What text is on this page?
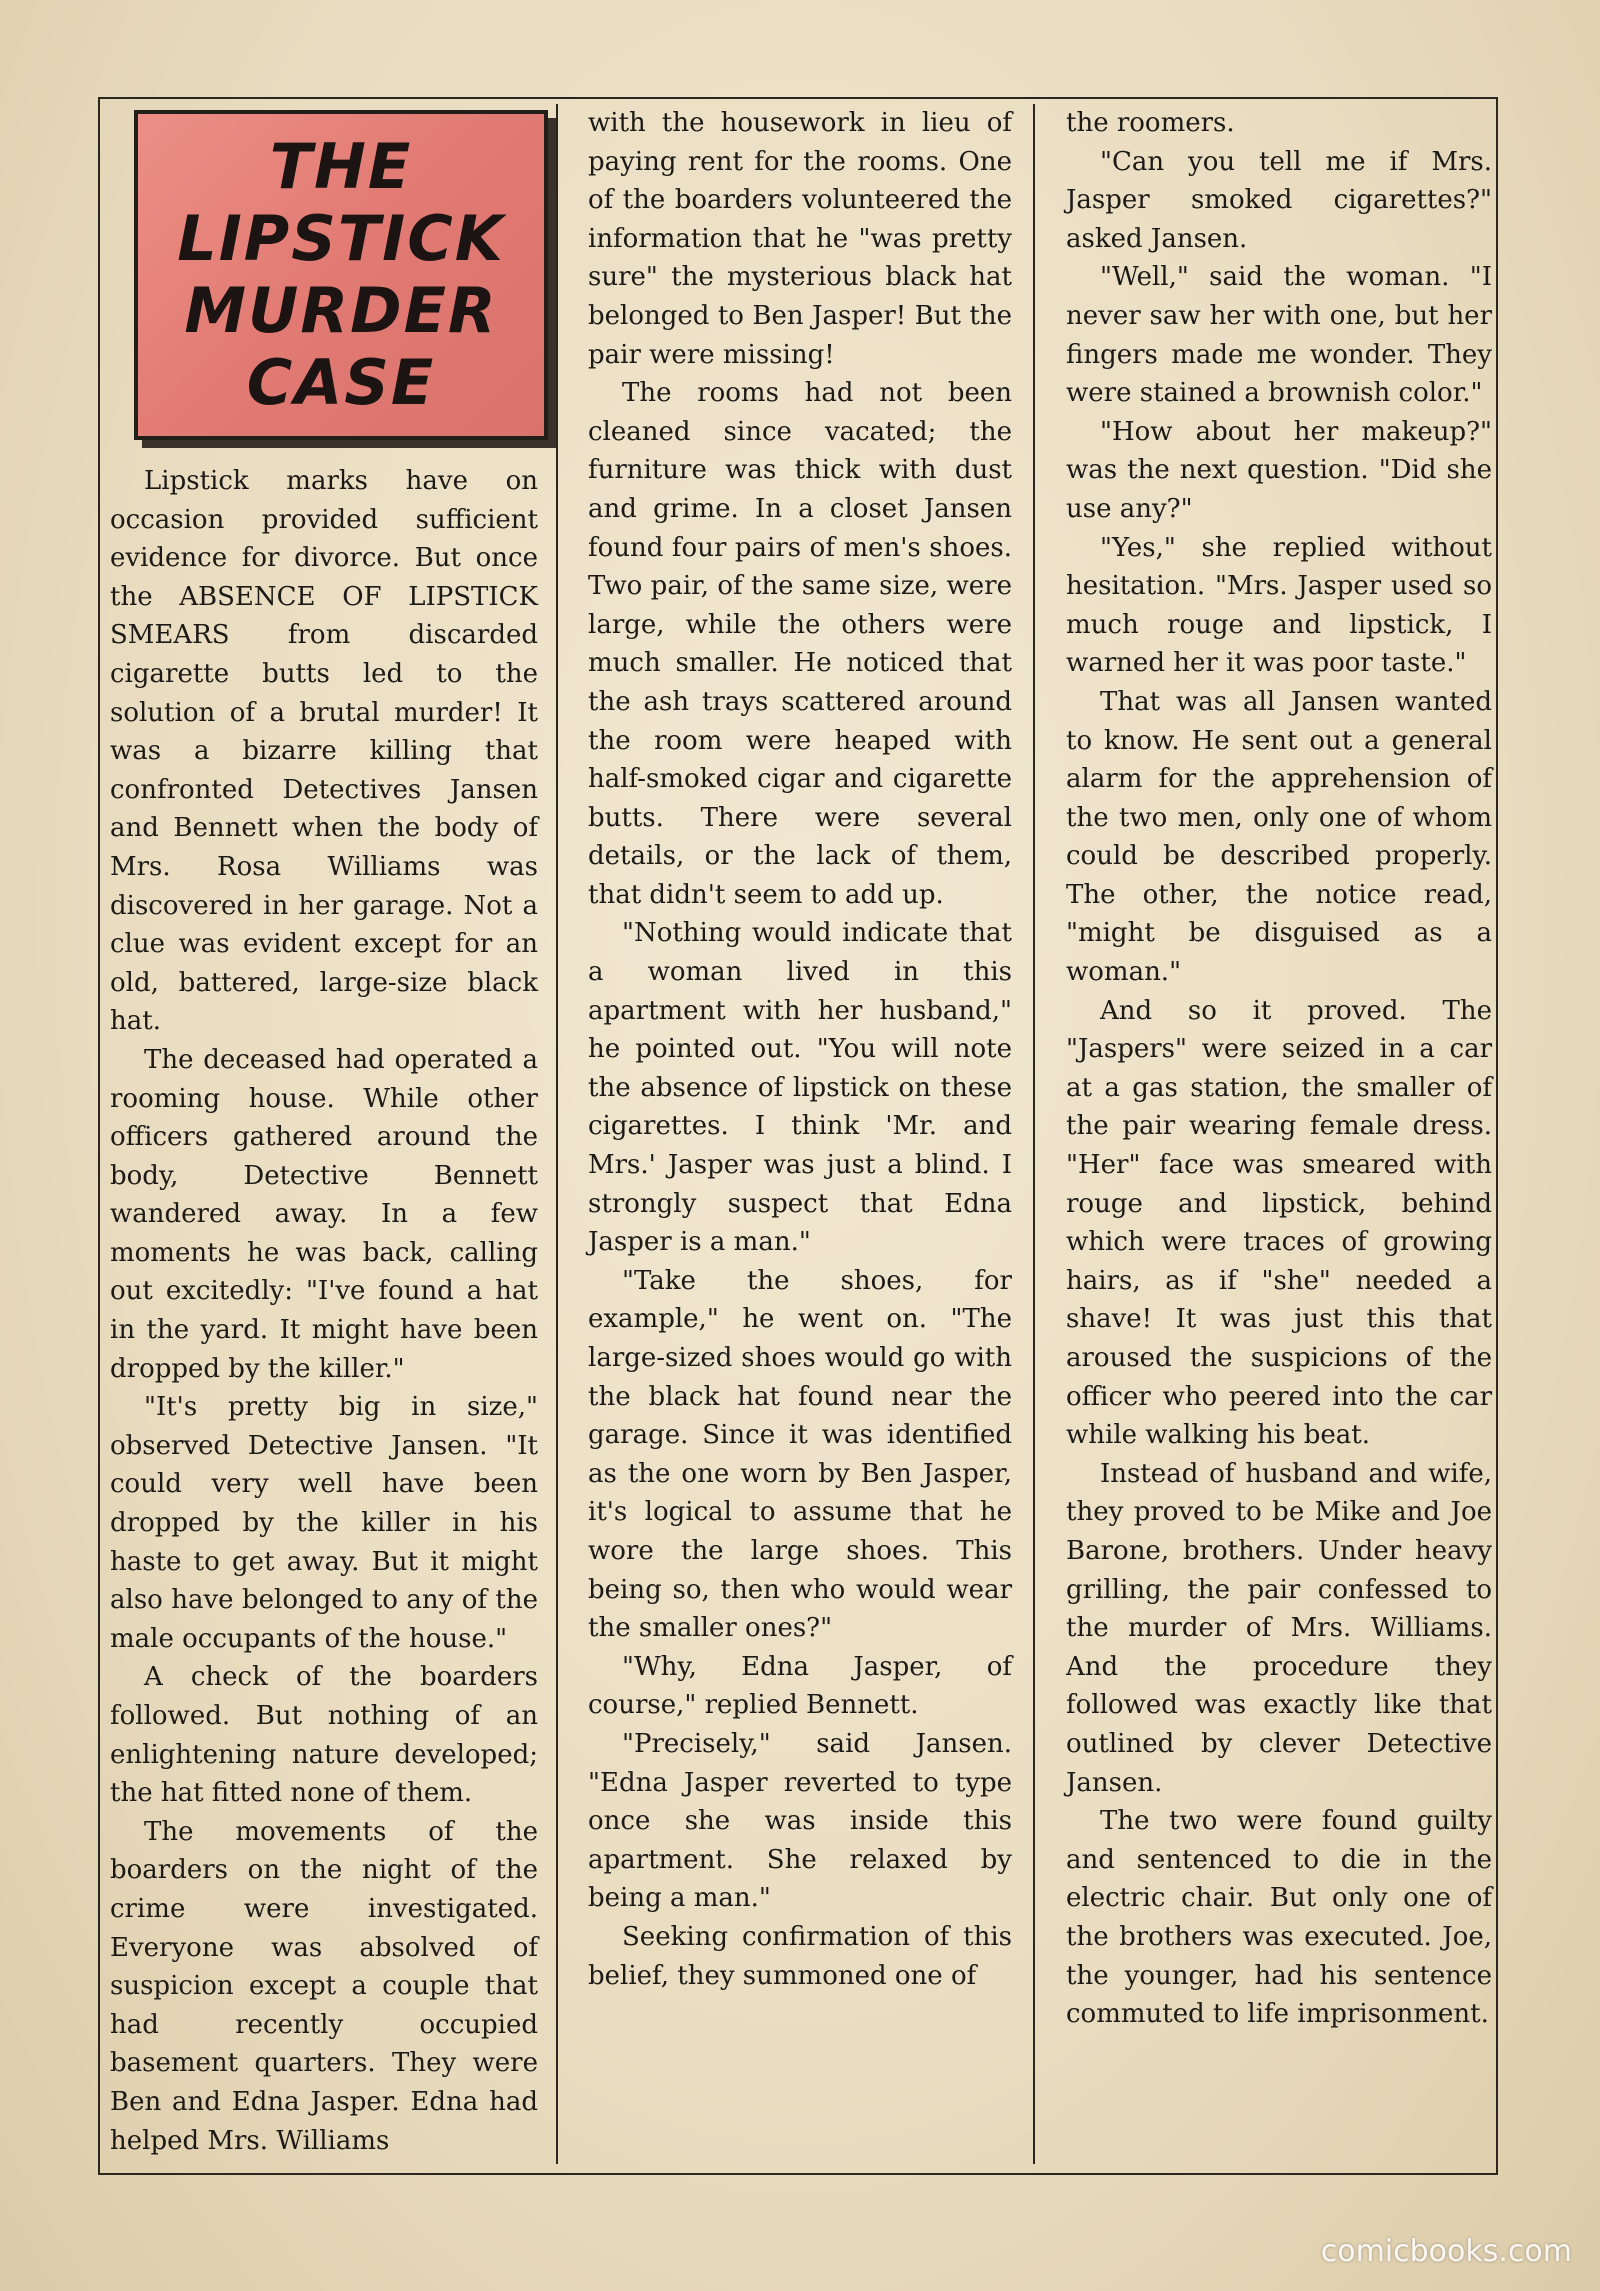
THE
LIPSTICK
MURDER
CASE

Lipstick marks have on occasion provided sufficient evidence for divorce. But once the ABSENCE OF LIPSTICK SMEARS from discarded cigarette butts led to the solution of a brutal murder! It was a bizarre killing that confronted Detectives Jansen and Bennett when the body of Mrs. Rosa Williams was discovered in her garage. Not a clue was evident except for an old, battered, large-size black hat.

The deceased had operated a rooming house. While other officers gathered around the body, Detective Bennett wandered away. In a few moments he was back, calling out excitedly: "I've found a hat in the yard. It might have been dropped by the killer."

"It's pretty big in size," observed Detective Jansen. "It could very well have been dropped by the killer in his haste to get away. But it might also have belonged to any of the male occupants of the house."

A check of the boarders followed. But nothing of an enlightening nature developed; the hat fitted none of them.

The movements of the boarders on the night of the crime were investigated. Everyone was absolved of suspicion except a couple that had recently occupied basement quarters. They were Ben and Edna Jasper. Edna had helped Mrs. Williams

with the housework in lieu of paying rent for the rooms. One of the boarders volunteered the information that he "was pretty sure" the mysterious black hat belonged to Ben Jasper! But the pair were missing!

The rooms had not been cleaned since vacated; the furniture was thick with dust and grime. In a closet Jansen found four pairs of men's shoes. Two pair, of the same size, were large, while the others were much smaller. He noticed that the ash trays scattered around the room were heaped with half-smoked cigar and cigarette butts. There were several details, or the lack of them, that didn't seem to add up.

"Nothing would indicate that a woman lived in this apartment with her husband," he pointed out. "You will note the absence of lipstick on these cigarettes. I think 'Mr. and Mrs.' Jasper was just a blind. I strongly suspect that Edna Jasper is a man."

"Take the shoes, for example," he went on. "The large-sized shoes would go with the black hat found near the garage. Since it was identified as the one worn by Ben Jasper, it's logical to assume that he wore the large shoes. This being so, then who would wear the smaller ones?"

"Why, Edna Jasper, of course," replied Bennett.

"Precisely," said Jansen. "Edna Jasper reverted to type once she was inside this apartment. She relaxed by being a man."

Seeking confirmation of this belief, they summoned one of

the roomers.

"Can you tell me if Mrs. Jasper smoked cigarettes?" asked Jansen.

"Well," said the woman. "I never saw her with one, but her fingers made me wonder. They were stained a brownish color."

"How about her makeup?" was the next question. "Did she use any?"

"Yes," she replied without hesitation. "Mrs. Jasper used so much rouge and lipstick, I warned her it was poor taste."

That was all Jansen wanted to know. He sent out a general alarm for the apprehension of the two men, only one of whom could be described properly. The other, the notice read, "might be disguised as a woman."

And so it proved. The "Jaspers" were seized in a car at a gas station, the smaller of the pair wearing female dress. "Her" face was smeared with rouge and lipstick, behind which were traces of growing hairs, as if "she" needed a shave! It was just this that aroused the suspicions of the officer who peered into the car while walking his beat.

Instead of husband and wife, they proved to be Mike and Joe Barone, brothers. Under heavy grilling, the pair confessed to the murder of Mrs. Williams. And the procedure they followed was exactly like that outlined by clever Detective Jansen.

The two were found guilty and sentenced to die in the electric chair. But only one of the brothers was executed. Joe, the younger, had his sentence commuted to life imprisonment.

comicbooks.com
